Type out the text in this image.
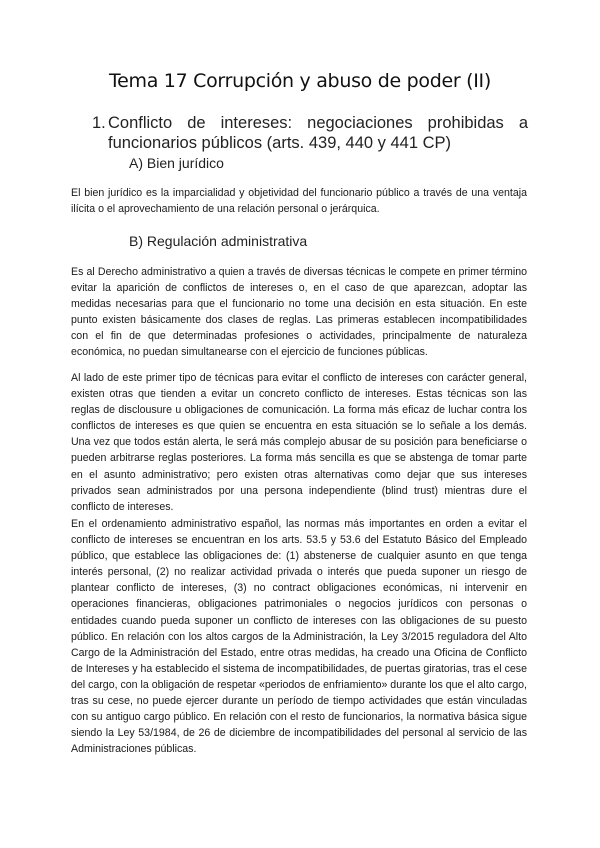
Tema 17 Corrupción y abuso de poder (II)
1. Conflicto de intereses: negociaciones prohibidas a funcionarios públicos (arts. 439, 440 y 441 CP)
A) Bien jurídico

El bien jurídico es la imparcialidad y objetividad del funcionario público a través de una ventaja ilícita o el aprovechamiento de una relación personal o jerárquica.

B) Regulación administrativa

Es al Derecho administrativo a quien a través de diversas técnicas le compete en primer término evitar la aparición de conflictos de intereses o, en el caso de que aparezcan, adoptar las medidas necesarias para que el funcionario no tome una decisión en esta situación. En este punto existen básicamente dos clases de reglas. Las primeras establecen incompatibilidades con el fin de que determinadas profesiones o actividades, principalmente de naturaleza económica, no puedan simultanearse con el ejercicio de funciones públicas.

Al lado de este primer tipo de técnicas para evitar el conflicto de intereses con carácter general, existen otras que tienden a evitar un concreto conflicto de intereses. Estas técnicas son las reglas de disclousure u obligaciones de comunicación. La forma más eficaz de luchar contra los conflictos de intereses es que quien se encuentra en esta situación se lo señale a los demás. Una vez que todos están alerta, le será más complejo abusar de su posición para beneficiarse o pueden arbitrarse reglas posteriores. La forma más sencilla es que se abstenga de tomar parte en el asunto administrativo; pero existen otras alternativas como dejar que sus intereses privados sean administrados por una persona independiente (blind trust) mientras dure el conflicto de intereses.

En el ordenamiento administrativo español, las normas más importantes en orden a evitar el conflicto de intereses se encuentran en los arts. 53.5 y 53.6 del Estatuto Básico del Empleado público, que establece las obligaciones de: (1) abstenerse de cualquier asunto en que tenga interés personal, (2) no realizar actividad privada o interés que pueda suponer un riesgo de plantear conflicto de intereses, (3) no contract obligaciones económicas, ni intervenir en operaciones financieras, obligaciones patrimoniales o negocios jurídicos con personas o entidades cuando pueda suponer un conflicto de intereses con las obligaciones de su puesto público. En relación con los altos cargos de la Administración, la Ley 3/2015 reguladora del Alto Cargo de la Administración del Estado, entre otras medidas, ha creado una Oficina de Conflicto de Intereses y ha establecido el sistema de incompatibilidades, de puertas giratorias, tras el cese del cargo, con la obligación de respetar «periodos de enfriamiento» durante los que el alto cargo, tras su cese, no puede ejercer durante un período de tiempo actividades que están vinculadas con su antiguo cargo público. En relación con el resto de funcionarios, la normativa básica sigue siendo la Ley 53/1984, de 26 de diciembre de incompatibilidades del personal al servicio de las Administraciones públicas.
